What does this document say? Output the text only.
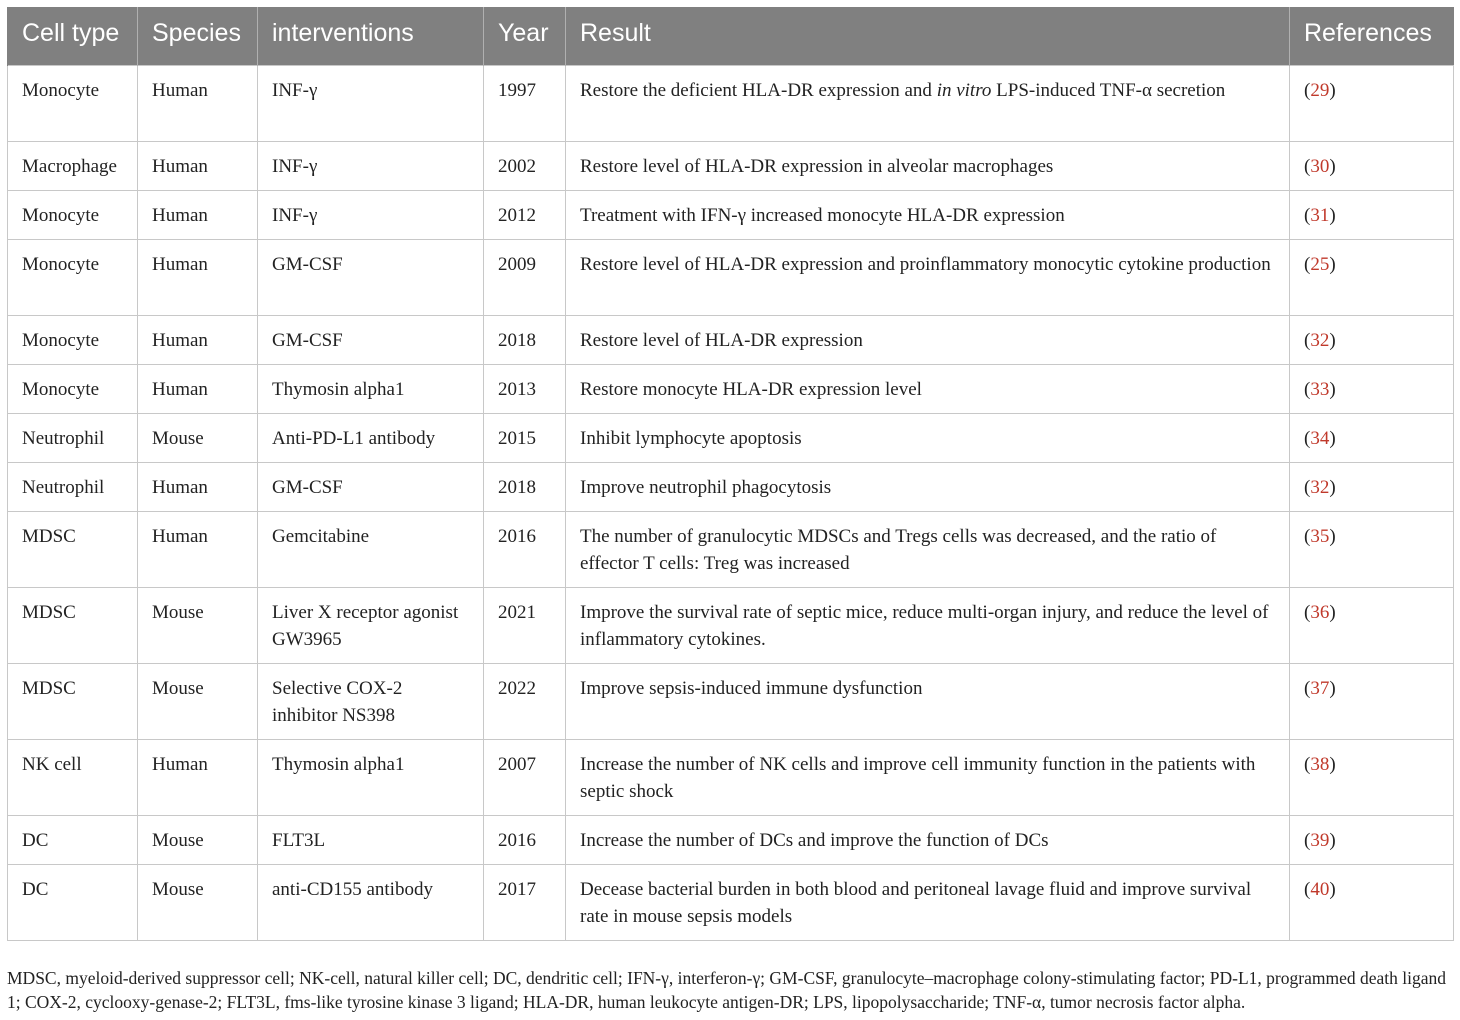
Cell type	Species	interventions	Year	Result	References
Monocyte	Human	INF-γ	1997	Restore the deficient HLA-DR expression and in vitro LPS-induced TNF-α secretion	(29)
Macrophage	Human	INF-γ	2002	Restore level of HLA-DR expression in alveolar macrophages	(30)
Monocyte	Human	INF-γ	2012	Treatment with IFN-γ increased monocyte HLA-DR expression	(31)
Monocyte	Human	GM-CSF	2009	Restore level of HLA-DR expression and proinflammatory monocytic cytokine production	(25)
Monocyte	Human	GM-CSF	2018	Restore level of HLA-DR expression	(32)
Monocyte	Human	Thymosin alpha1	2013	Restore monocyte HLA-DR expression level	(33)
Neutrophil	Mouse	Anti-PD-L1 antibody	2015	Inhibit lymphocyte apoptosis	(34)
Neutrophil	Human	GM-CSF	2018	Improve neutrophil phagocytosis	(32)
MDSC	Human	Gemcitabine	2016	The number of granulocytic MDSCs and Tregs cells was decreased, and the ratio of effector T cells: Treg was increased	(35)
MDSC	Mouse	Liver X receptor agonist GW3965	2021	Improve the survival rate of septic mice, reduce multi-organ injury, and reduce the level of inflammatory cytokines.	(36)
MDSC	Mouse	Selective COX-2 inhibitor NS398	2022	Improve sepsis-induced immune dysfunction	(37)
NK cell	Human	Thymosin alpha1	2007	Increase the number of NK cells and improve cell immunity function in the patients with septic shock	(38)
DC	Mouse	FLT3L	2016	Increase the number of DCs and improve the function of DCs	(39)
DC	Mouse	anti-CD155 antibody	2017	Decease bacterial burden in both blood and peritoneal lavage fluid and improve survival rate in mouse sepsis models	(40)
MDSC, myeloid-derived suppressor cell; NK-cell, natural killer cell; DC, dendritic cell; IFN-γ, interferon-γ; GM-CSF, granulocyte–macrophage colony-stimulating factor; PD-L1, programmed death ligand 1; COX-2, cyclooxy-genase-2; FLT3L, fms-like tyrosine kinase 3 ligand; HLA-DR, human leukocyte antigen-DR; LPS, lipopolysaccharide; TNF-α, tumor necrosis factor alpha.
